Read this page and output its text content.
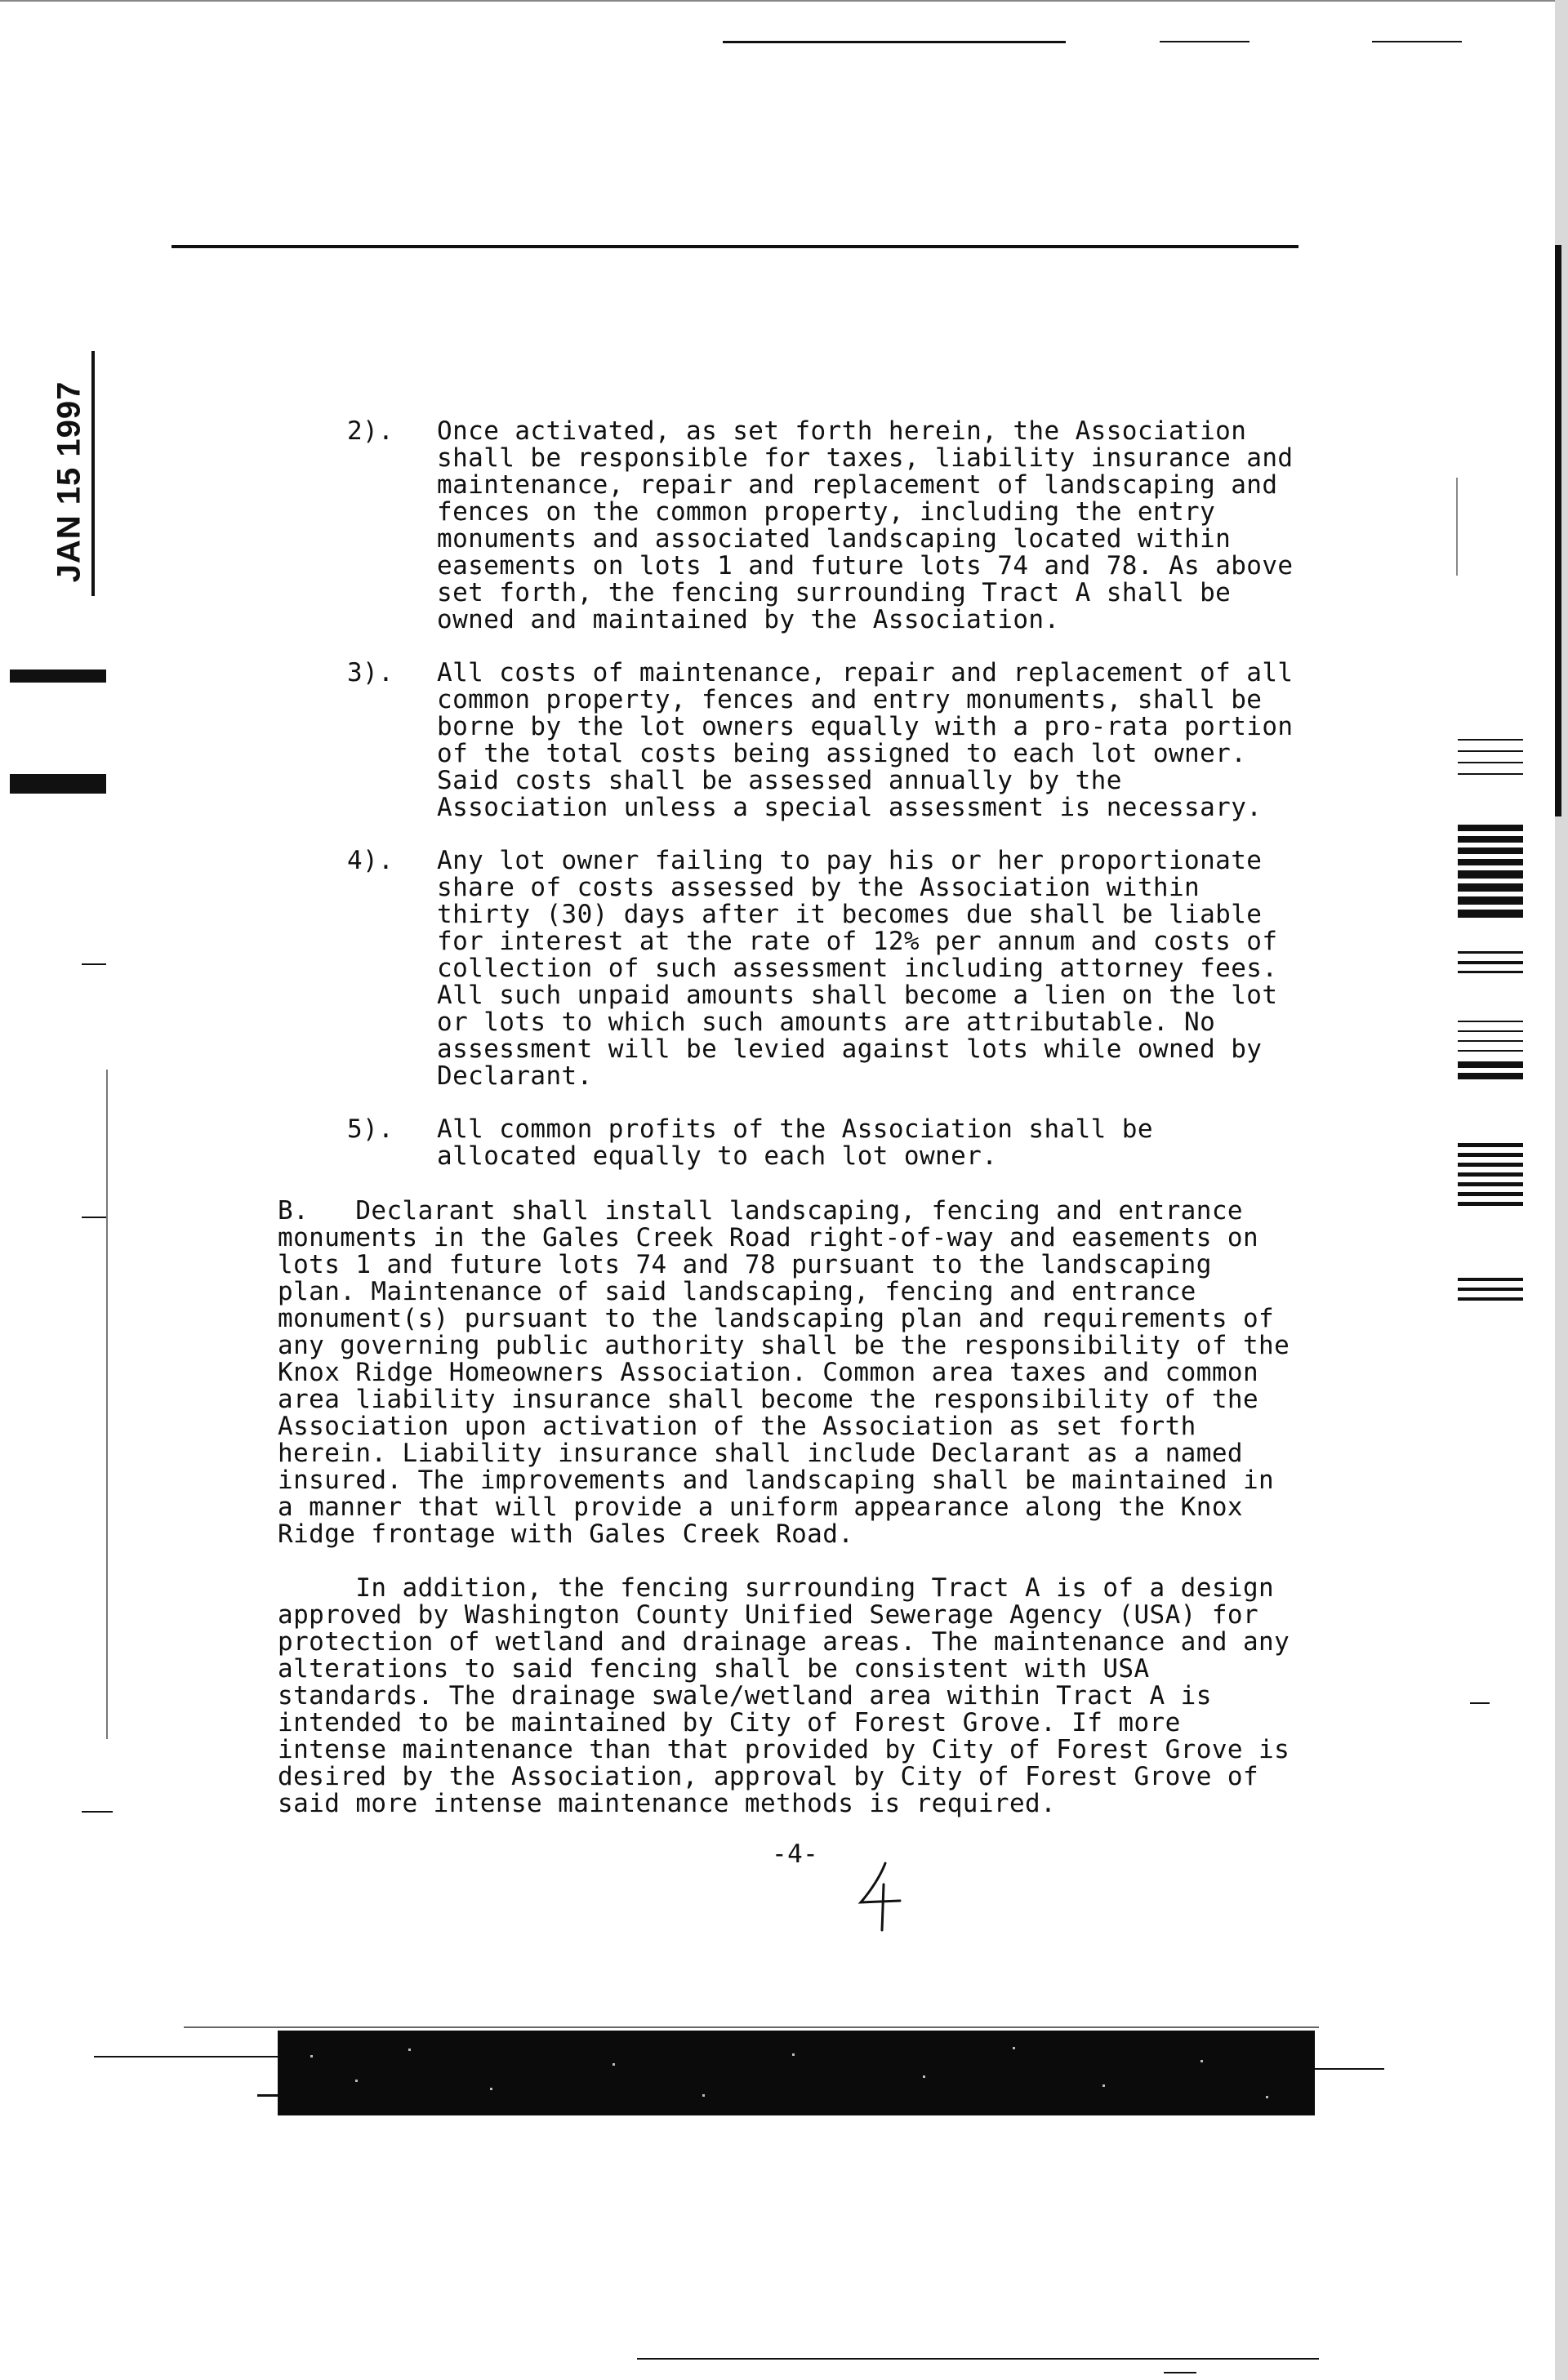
JAN 15 1997	2). Once activated, as set forth herein, the Association
shall be responsible for taxes, liability insurance and
maintenance, repair and replacement of landscaping and
fences on the common property, including the entry
monuments and associated landscaping located within
easements on lots 1 and future lots 74 and 78. As above
set forth, the fencing surrounding Tract A shall be
owned and maintained by the Association.
3). All costs of maintenance, repair and replacement of all
common property, fences and entry monuments, shall be
borne by the lot owners equally with a pro-rata portion
of the total costs being assigned to each lot owner.
Said costs shall be assessed annually by the
Association unless a special assessment is necessary.
4). Any lot owner failing to pay his or her proportionate
share of costs assessed by the Association within
thirty (30) days after it becomes due shall be liable
for interest at the rate of 12% per annum and costs of
collection of such assessment including attorney fees.
All such unpaid amounts shall become a lien on the lot
or lots to which such amounts are attributable. No
assessment will be levied against lots while owned by
Declarant.
5). All common profits of the Association shall be
allocated equally to each lot owner.
B.   Declarant shall install landscaping, fencing and entrance
monuments in the Gales Creek Road right-of-way and easements on
lots 1 and future lots 74 and 78 pursuant to the landscaping
plan. Maintenance of said landscaping, fencing and entrance
monument(s) pursuant to the landscaping plan and requirements of
any governing public authority shall be the responsibility of the
Knox Ridge Homeowners Association. Common area taxes and common
area liability insurance shall become the responsibility of the
Association upon activation of the Association as set forth
herein. Liability insurance shall include Declarant as a named
insured. The improvements and landscaping shall be maintained in
a manner that will provide a uniform appearance along the Knox
Ridge frontage with Gales Creek Road.
In addition, the fencing surrounding Tract A is of a design
approved by Washington County Unified Sewerage Agency (USA) for
protection of wetland and drainage areas. The maintenance and any
alterations to said fencing shall be consistent with USA
standards. The drainage swale/wetland area within Tract A is
intended to be maintained by City of Forest Grove. If more
intense maintenance than that provided by City of Forest Grove is
desired by the Association, approval by City of Forest Grove of
said more intense maintenance methods is required.
-4-
